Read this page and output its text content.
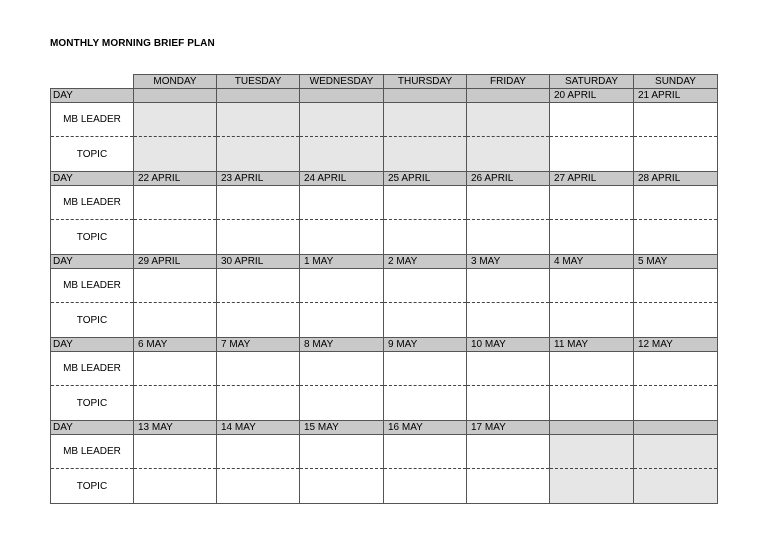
MONTHLY MORNING BRIEF PLAN
	MONDAY	TUESDAY	WEDNESDAY	THURSDAY	FRIDAY	SATURDAY	SUNDAY
DAY						20 APRIL	21 APRIL
MB LEADER							
TOPIC							
DAY	22 APRIL	23 APRIL	24 APRIL	25 APRIL	26 APRIL	27 APRIL	28 APRIL
MB LEADER							
TOPIC							
DAY	29 APRIL	30 APRIL	1 MAY	2 MAY	3 MAY	4 MAY	5 MAY
MB LEADER							
TOPIC							
DAY	6 MAY	7 MAY	8 MAY	9 MAY	10 MAY	11 MAY	12 MAY
MB LEADER							
TOPIC							
DAY	13 MAY	14 MAY	15 MAY	16 MAY	17 MAY		
MB LEADER							
TOPIC							
